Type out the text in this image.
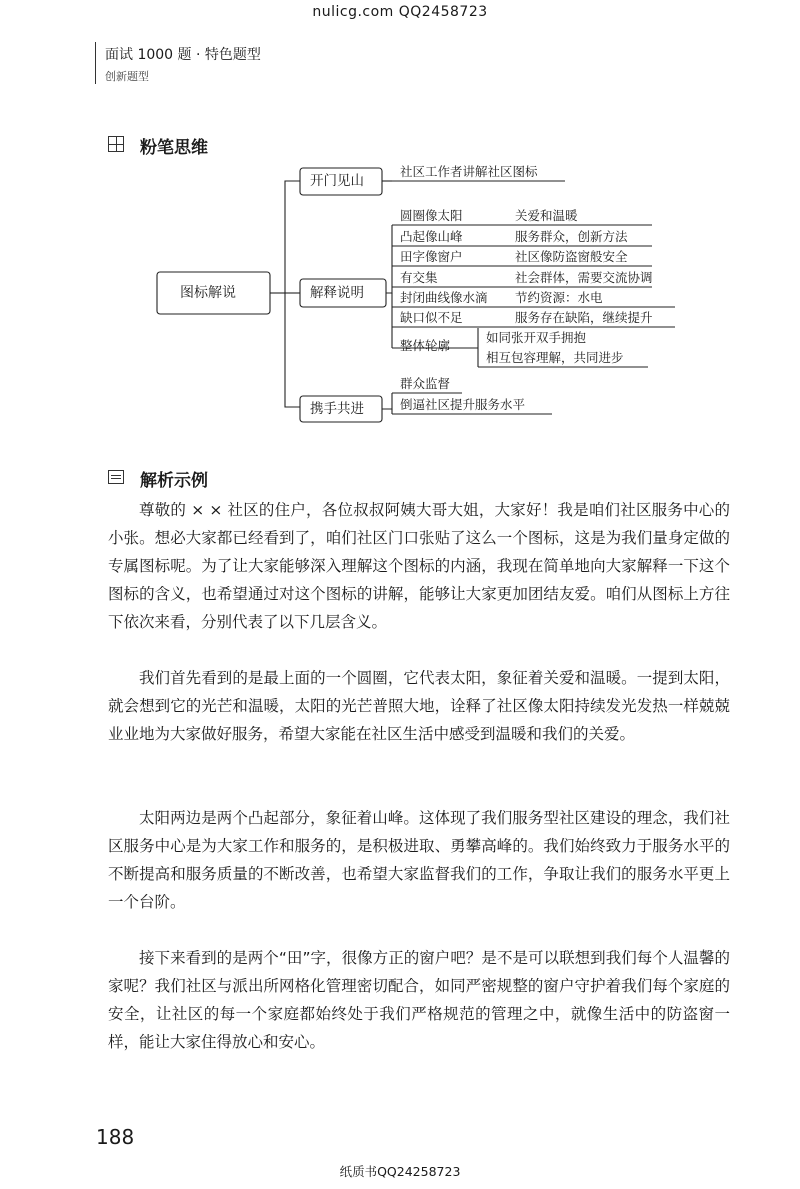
nulicg.com QQ2458723
面试 1000 题 · 特色题型
创新题型
粉笔思维
图标解说
开门见山
解释说明
携手共进
社区工作者讲解社区图标
圆圈像太阳	关爱和温暖
凸起像山峰	服务群众，创新方法
田字像窗户	社区像防盗窗般安全
有交集	社会群体，需要交流协调
封闭曲线像水滴 节约资源：水电
缺口似不足	服务存在缺陷，继续提升
整体轮廓
如同张开双手拥抱
相互包容理解，共同进步
群众监督
倒逼社区提升服务水平
解析示例
尊敬的 × × 社区的住户，各位叔叔阿姨大哥大姐，大家好！我是咱们社区服务中心的小张。想必大家都已经看到了，咱们社区门口张贴了这么一个图标，这是为我们量身定做的专属图标呢。为了让大家能够深入理解这个图标的内涵，我现在简单地向大家解释一下这个图标的含义，也希望通过对这个图标的讲解，能够让大家更加团结友爱。咱们从图标上方往下依次来看，分别代表了以下几层含义。
我们首先看到的是最上面的一个圆圈，它代表太阳，象征着关爱和温暖。一提到太阳，就会想到它的光芒和温暖，太阳的光芒普照大地，诠释了社区像太阳持续发光发热一样兢兢业业地为大家做好服务，希望大家能在社区生活中感受到温暖和我们的关爱。
太阳两边是两个凸起部分，象征着山峰。这体现了我们服务型社区建设的理念，我们社区服务中心是为大家工作和服务的，是积极进取、勇攀高峰的。我们始终致力于服务水平的不断提高和服务质量的不断改善，也希望大家监督我们的工作，争取让我们的服务水平更上一个台阶。
接下来看到的是两个“田”字，很像方正的窗户吧？是不是可以联想到我们每个人温馨的家呢？我们社区与派出所网格化管理密切配合，如同严密规整的窗户守护着我们每个家庭的安全，让社区的每一个家庭都始终处于我们严格规范的管理之中，就像生活中的防盗窗一样，能让大家住得放心和安心。
188
纸质书QQ24258723
